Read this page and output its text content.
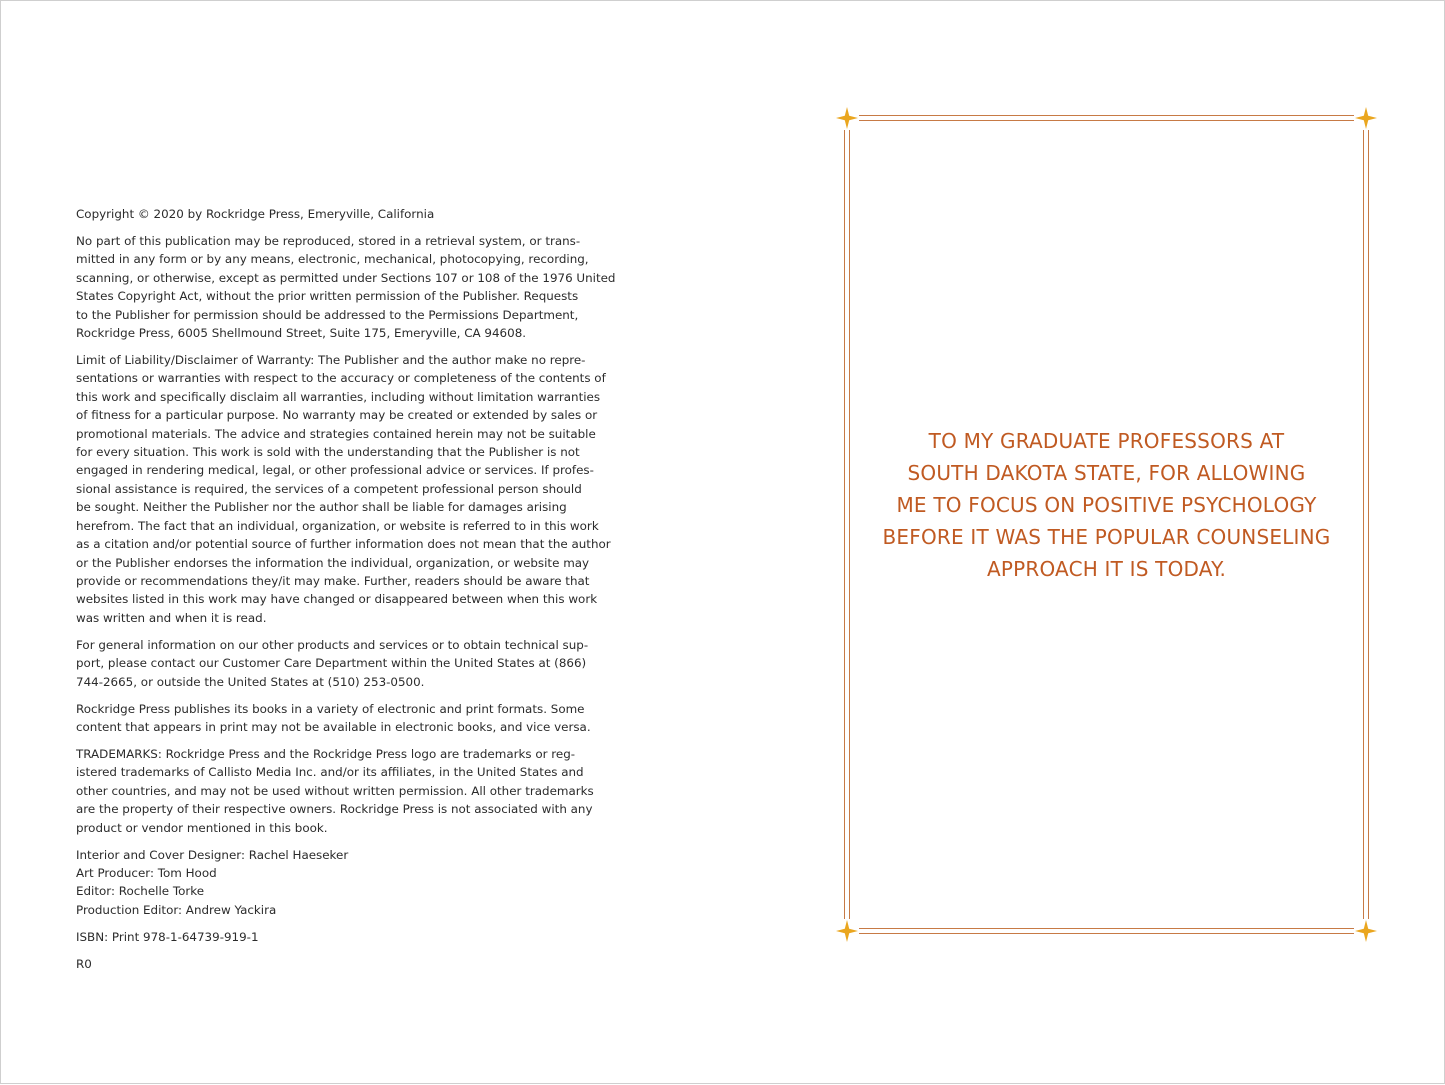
Copyright © 2020 by Rockridge Press, Emeryville, California

No part of this publication may be reproduced, stored in a retrieval system, or trans-
mitted in any form or by any means, electronic, mechanical, photocopying, recording,
scanning, or otherwise, except as permitted under Sections 107 or 108 of the 1976 United
States Copyright Act, without the prior written permission of the Publisher. Requests
to the Publisher for permission should be addressed to the Permissions Department,
Rockridge Press, 6005 Shellmound Street, Suite 175, Emeryville, CA 94608.

Limit of Liability/Disclaimer of Warranty: The Publisher and the author make no repre-
sentations or warranties with respect to the accuracy or completeness of the contents of
this work and specifically disclaim all warranties, including without limitation warranties
of fitness for a particular purpose. No warranty may be created or extended by sales or
promotional materials. The advice and strategies contained herein may not be suitable
for every situation. This work is sold with the understanding that the Publisher is not
engaged in rendering medical, legal, or other professional advice or services. If profes-
sional assistance is required, the services of a competent professional person should
be sought. Neither the Publisher nor the author shall be liable for damages arising
herefrom. The fact that an individual, organization, or website is referred to in this work
as a citation and/or potential source of further information does not mean that the author
or the Publisher endorses the information the individual, organization, or website may
provide or recommendations they/it may make. Further, readers should be aware that
websites listed in this work may have changed or disappeared between when this work
was written and when it is read.

For general information on our other products and services or to obtain technical sup-
port, please contact our Customer Care Department within the United States at (866)
744-2665, or outside the United States at (510) 253-0500.

Rockridge Press publishes its books in a variety of electronic and print formats. Some
content that appears in print may not be available in electronic books, and vice versa.

TRADEMARKS: Rockridge Press and the Rockridge Press logo are trademarks or reg-
istered trademarks of Callisto Media Inc. and/or its affiliates, in the United States and
other countries, and may not be used without written permission. All other trademarks
are the property of their respective owners. Rockridge Press is not associated with any
product or vendor mentioned in this book.

Interior and Cover Designer: Rachel Haeseker
Art Producer: Tom Hood
Editor: Rochelle Torke
Production Editor: Andrew Yackira

ISBN: Print 978-1-64739-919-1

R0

TO MY GRADUATE PROFESSORS AT
SOUTH DAKOTA STATE, FOR ALLOWING
ME TO FOCUS ON POSITIVE PSYCHOLOGY
BEFORE IT WAS THE POPULAR COUNSELING
APPROACH IT IS TODAY.
